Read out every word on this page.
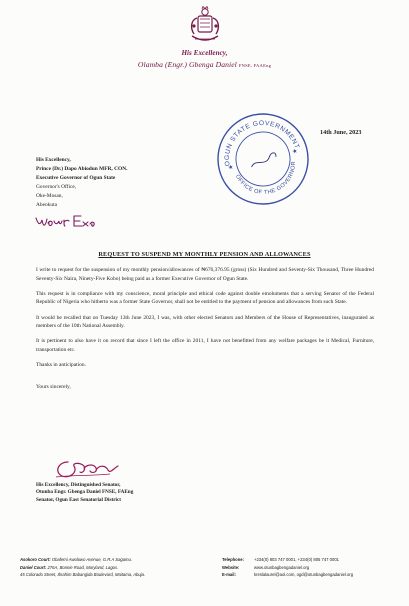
His Excellency,
Olamba (Engr.) Gbenga Daniel FNSE, FAAEng
OGUN STATE GOVERNMENT
OFFICE OF THE GOVERNOR
★
★
14th June, 2023
His Excellency,
Prince (Dr.) Dapo Abiodun MFR, CON.
Executive Governor of Ogun State
Governor's Office,
Oke-Mosan,
Abeokuta
REQUEST TO SUSPEND MY MONTHLY PENSION AND ALLOWANCES

I write to request for the suspension of my monthly pension/allowances of ₦676,376.95 (gross) (Six Hundred and Seventy-Six Thousand, Three Hundred Seventy-Six Naira, Ninety-Five Kobo) being paid as a former Executive Governor of Ogun State.

This request is in compliance with my conscience, moral principle and ethical code against double emoluments that a serving Senator of the Federal Republic of Nigeria who hitherto was a former State Governor, shall not be entitled to the payment of pension and allowances from such State.

It would be recalled that on Tuesday 13th June 2023, I was, with other elected Senators and Members of the House of Representatives, inaugurated as members of the 10th National Assembly.

It is pertinent to also have it on record that since I left the office in 2011, I have not benefitted from any welfare packages be it Medical, Furniture, transportation etc.

Thanks in anticipation.

Yours sincerely,

His Excellency, Distinguished Senator,
Otunba Engr. Gbenga Daniel FNSE, FAEng
Senator, Ogun East Senatorial District
Asokoro Court: Obafemi Awolowo Avenue, G.R.A Sagamu.
Daniel Court: 276A, Bonnie Road, Maryland, Lagos.
45 Colorado Street, Ibrahim Babangida Boulevard, Maitama, Abuja.
Telephone:	+234(0) 803 747 0001, +234(0) 805 747 0001
Website:	www.otunbagbengadaniel.org
E-mail:	kreslalaurel@aol.com, ogd@otunbagbengadaniel.org
